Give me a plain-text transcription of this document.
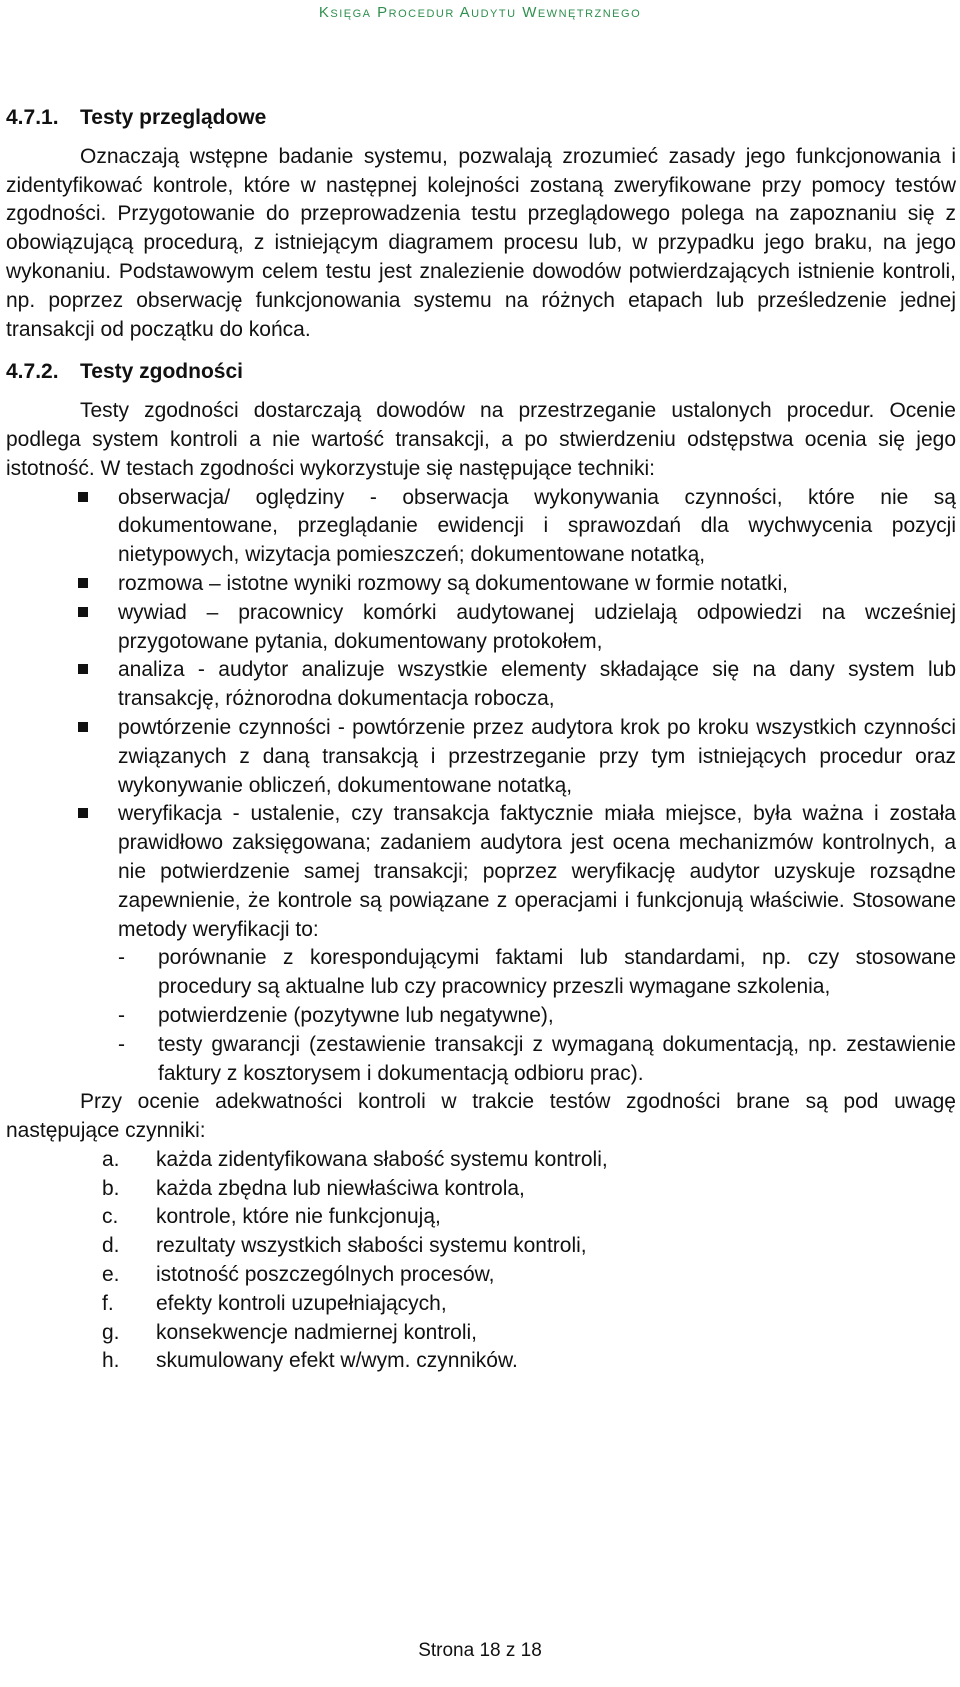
Księga Procedur Audytu Wewnętrznego

4.7.1. Testy przeglądowe

Oznaczają wstępne badanie systemu, pozwalają zrozumieć zasady jego funkcjonowania i zidentyfikować kontrole, które w następnej kolejności zostaną zweryfikowane przy pomocy testów zgodności. Przygotowanie do przeprowadzenia testu przeglądowego polega na zapoznaniu się z obowiązującą procedurą, z istniejącym diagramem procesu lub, w przypadku jego braku, na jego wykonaniu. Podstawowym celem testu jest znalezienie dowodów potwierdzających istnienie kontroli, np. poprzez obserwację funkcjonowania systemu na różnych etapach lub prześledzenie jednej transakcji od początku do końca.

4.7.2. Testy zgodności

Testy zgodności dostarczają dowodów na przestrzeganie ustalonych procedur. Ocenie podlega system kontroli a nie wartość transakcji, a po stwierdzeniu odstępstwa ocenia się jego istotność. W testach zgodności wykorzystuje się następujące techniki:

obserwacja/ oględziny - obserwacja wykonywania czynności, które nie są dokumentowane, przeglądanie ewidencji i sprawozdań dla wychwycenia pozycji nietypowych, wizytacja pomieszczeń; dokumentowane notatką,
rozmowa – istotne wyniki rozmowy są dokumentowane w formie notatki,
wywiad – pracownicy komórki audytowanej udzielają odpowiedzi na wcześniej przygotowane pytania, dokumentowany protokołem,
analiza - audytor analizuje wszystkie elementy składające się na dany system lub transakcję, różnorodna dokumentacja robocza,
powtórzenie czynności - powtórzenie przez audytora krok po kroku wszystkich czynności związanych z daną transakcją i przestrzeganie przy tym istniejących procedur oraz wykonywanie obliczeń, dokumentowane notatką,
weryfikacja - ustalenie, czy transakcja faktycznie miała miejsce, była ważna i została prawidłowo zaksięgowana; zadaniem audytora jest ocena mechanizmów kontrolnych, a nie potwierdzenie samej transakcji; poprzez weryfikację audytor uzyskuje rozsądne zapewnienie, że kontrole są powiązane z operacjami i funkcjonują właściwie. Stosowane metody weryfikacji to:
- porównanie z korespondującymi faktami lub standardami, np. czy stosowane procedury są aktualne lub czy pracownicy przeszli wymagane szkolenia,
- potwierdzenie (pozytywne lub negatywne),
- testy gwarancji (zestawienie transakcji z wymaganą dokumentacją, np. zestawienie faktury z kosztorysem i dokumentacją odbioru prac).

Przy ocenie adekwatności kontroli w trakcie testów zgodności brane są pod uwagę następujące czynniki:

a. każda zidentyfikowana słabość systemu kontroli,
b. każda zbędna lub niewłaściwa kontrola,
c. kontrole, które nie funkcjonują,
d. rezultaty wszystkich słabości systemu kontroli,
e. istotność poszczególnych procesów,
f. efekty kontroli uzupełniających,
g. konsekwencje nadmiernej kontroli,
h. skumulowany efekt w/wym. czynników.
Strona 18 z 18
